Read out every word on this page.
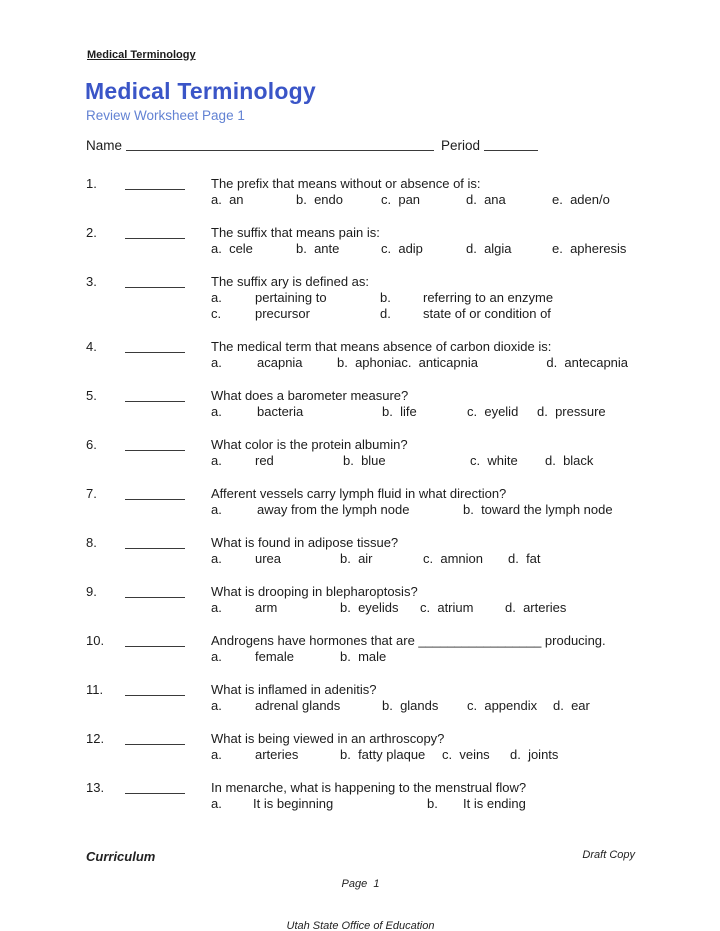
Medical Terminology
Medical Terminology
Review Worksheet Page 1
Name	Period
1.	The prefix that means without or absence of is:
a.  an	b.  endo	c.  pan	d.  ana	e.  aden/o
2.	The suffix that means pain is:
a.  cele	b.  ante	c.  adip	d.  algia	e.  apheresis
3.	The suffix ary is defined as:
a.	pertaining to	b. referring to an enzyme
c.	precursor	d. state of or condition of
4.	The medical term that means absence of carbon dioxide is:
a.	acapnia	b.  aphoniac.  anticapnia	d.  antecapnia
5.	What does a barometer measure?
a.	bacteria	b.  life	c.  eyelid d.  pressure
6.	What color is the protein albumin?
a.	red	b.  blue	c.  white d.  black
7.	Afferent vessels carry lymph fluid in what direction?
a.	away from the lymph node	b.  toward the lymph node
8.	What is found in adipose tissue?
a.	urea	b.  air	c.  amnion d.  fat
9.	What is drooping in blepharoptosis?
a.	arm	b.  eyelids c.  atrium d.  arteries
10.	Androgens have hormones that are _________________ producing.
a.	female	b.  male
11.	What is inflamed in adenitis?
a.	adrenal glands	b.  glands c.  appendix d.  ear
12.	What is being viewed in an arthroscopy?
a.	arteries	b.  fatty plaque c.  veins d.  joints
13.	In menarche, what is happening to the menstrual flow?
a. It is beginning	b. It is ending
Curriculum

Page  1

Utah State Office of Education

Draft Copy
